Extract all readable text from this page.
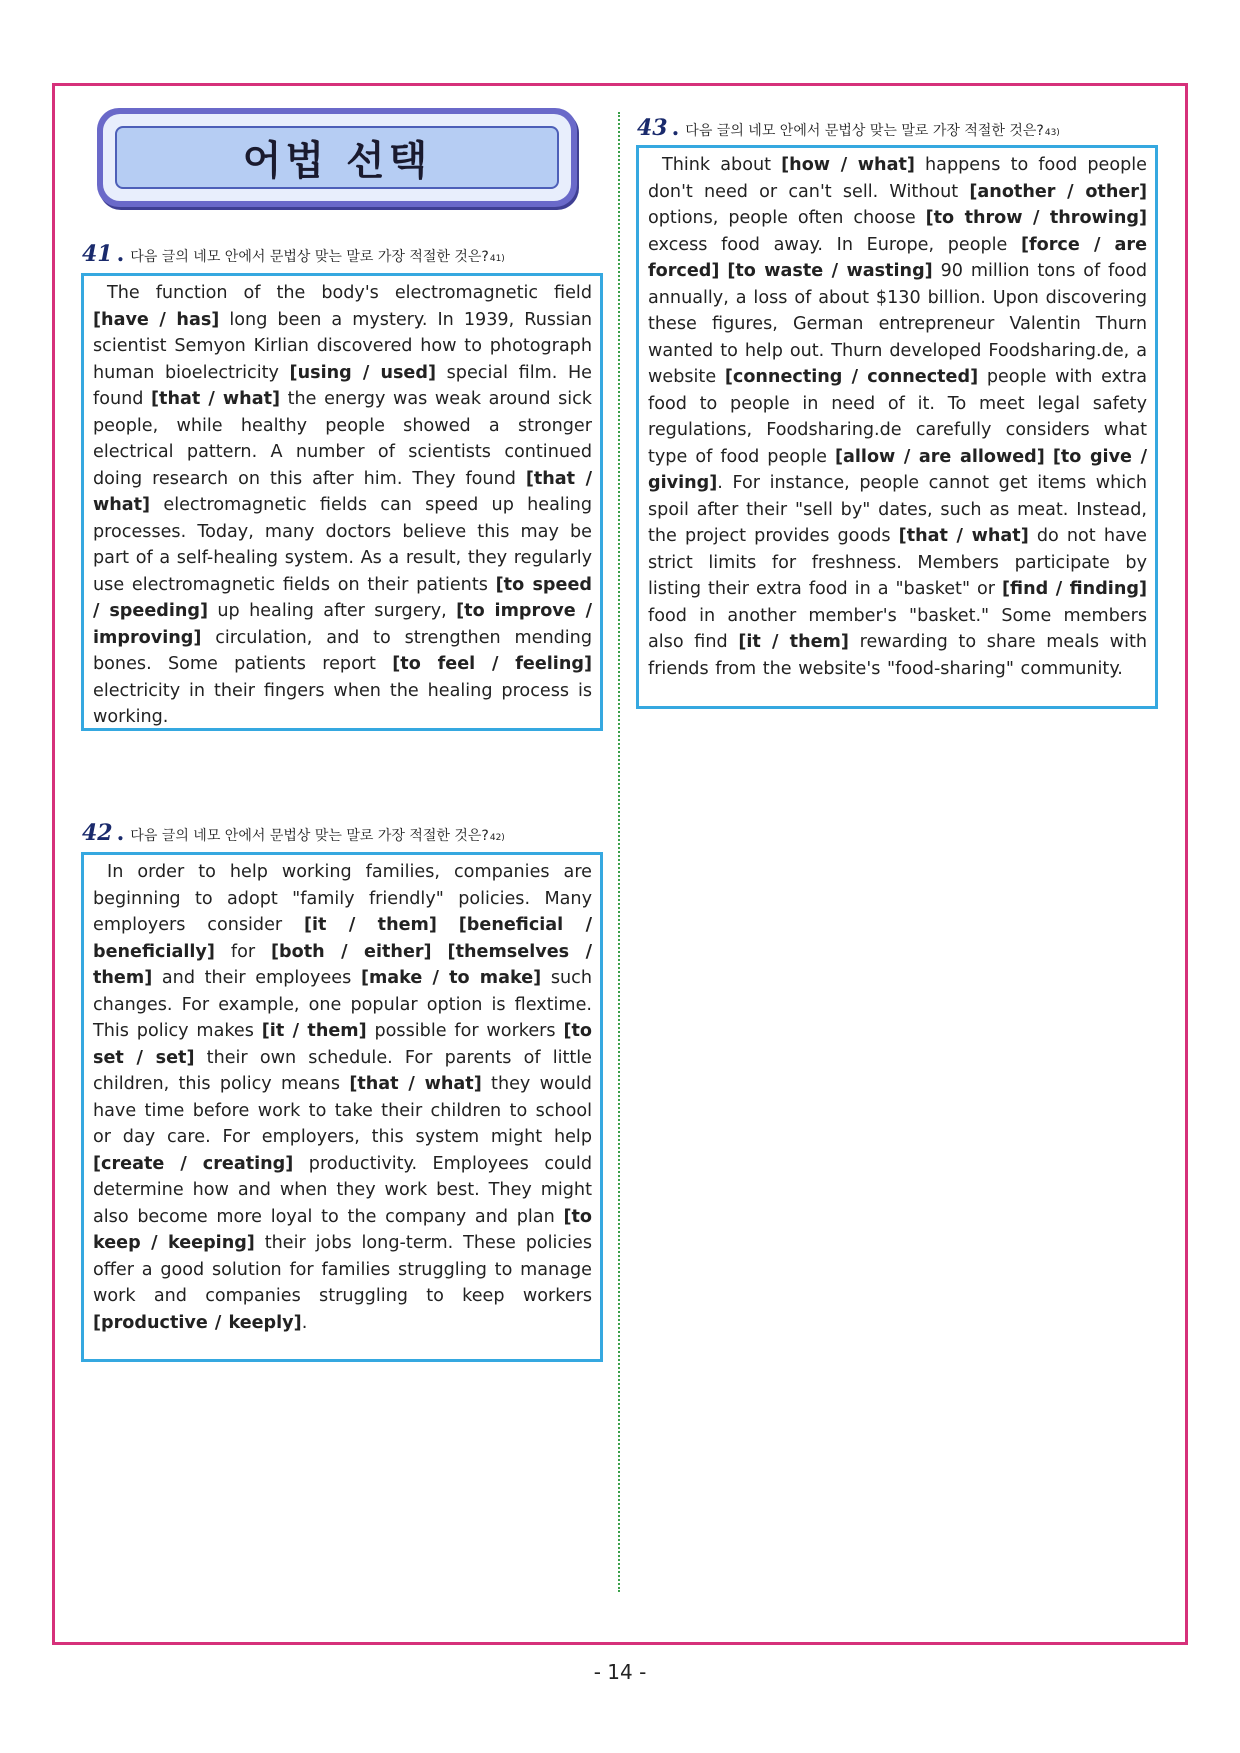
어법 선택
41 . 다음 글의 네모 안에서 문법상 맞는 말로 가장 적절한 것은? 41)

The function of the body's electromagnetic field [have / has] long been a mystery. In 1939, Russian scientist Semyon Kirlian discovered how to photograph human bioelectricity [using / used] special film. He found [that / what] the energy was weak around sick people, while healthy people showed a stronger electrical pattern. A number of scientists continued doing research on this after him. They found [that / what] electromagnetic fields can speed up healing processes. Today, many doctors believe this may be part of a self-healing system. As a result, they regularly use electromagnetic fields on their patients [to speed / speeding] up healing after surgery, [to improve / improving] circulation, and to strengthen mending bones. Some patients report [to feel / feeling] electricity in their fingers when the healing process is working.

42 . 다음 글의 네모 안에서 문법상 맞는 말로 가장 적절한 것은? 42)

In order to help working families, companies are beginning to adopt "family friendly" policies. Many employers consider [it / them] [beneficial / beneficially] for [both / either] [themselves / them] and their employees [make / to make] such changes. For example, one popular option is flextime. This policy makes [it / them] possible for workers [to set / set] their own schedule. For parents of little children, this policy means [that / what] they would have time before work to take their children to school or day care. For employers, this system might help [create / creating] productivity. Employees could determine how and when they work best. They might also become more loyal to the company and plan [to keep / keeping] their jobs long-term. These policies offer a good solution for families struggling to manage work and companies struggling to keep workers [productive / keeply].

43 . 다음 글의 네모 안에서 문법상 맞는 말로 가장 적절한 것은? 43)

Think about [how / what] happens to food people don't need or can't sell. Without [another / other] options, people often choose [to throw / throwing] excess food away. In Europe, people [force / are forced] [to waste / wasting] 90 million tons of food annually, a loss of about $130 billion. Upon discovering these figures, German entrepreneur Valentin Thurn wanted to help out. Thurn developed Foodsharing.de, a website [connecting / connected] people with extra food to people in need of it. To meet legal safety regulations, Foodsharing.de carefully considers what type of food people [allow / are allowed] [to give / giving]. For instance, people cannot get items which spoil after their "sell by" dates, such as meat. Instead, the project provides goods [that / what] do not have strict limits for freshness. Members participate by listing their extra food in a "basket" or [find / finding] food in another member's "basket." Some members also find [it / them] rewarding to share meals with friends from the website's "food-sharing" community.

- 14 -
